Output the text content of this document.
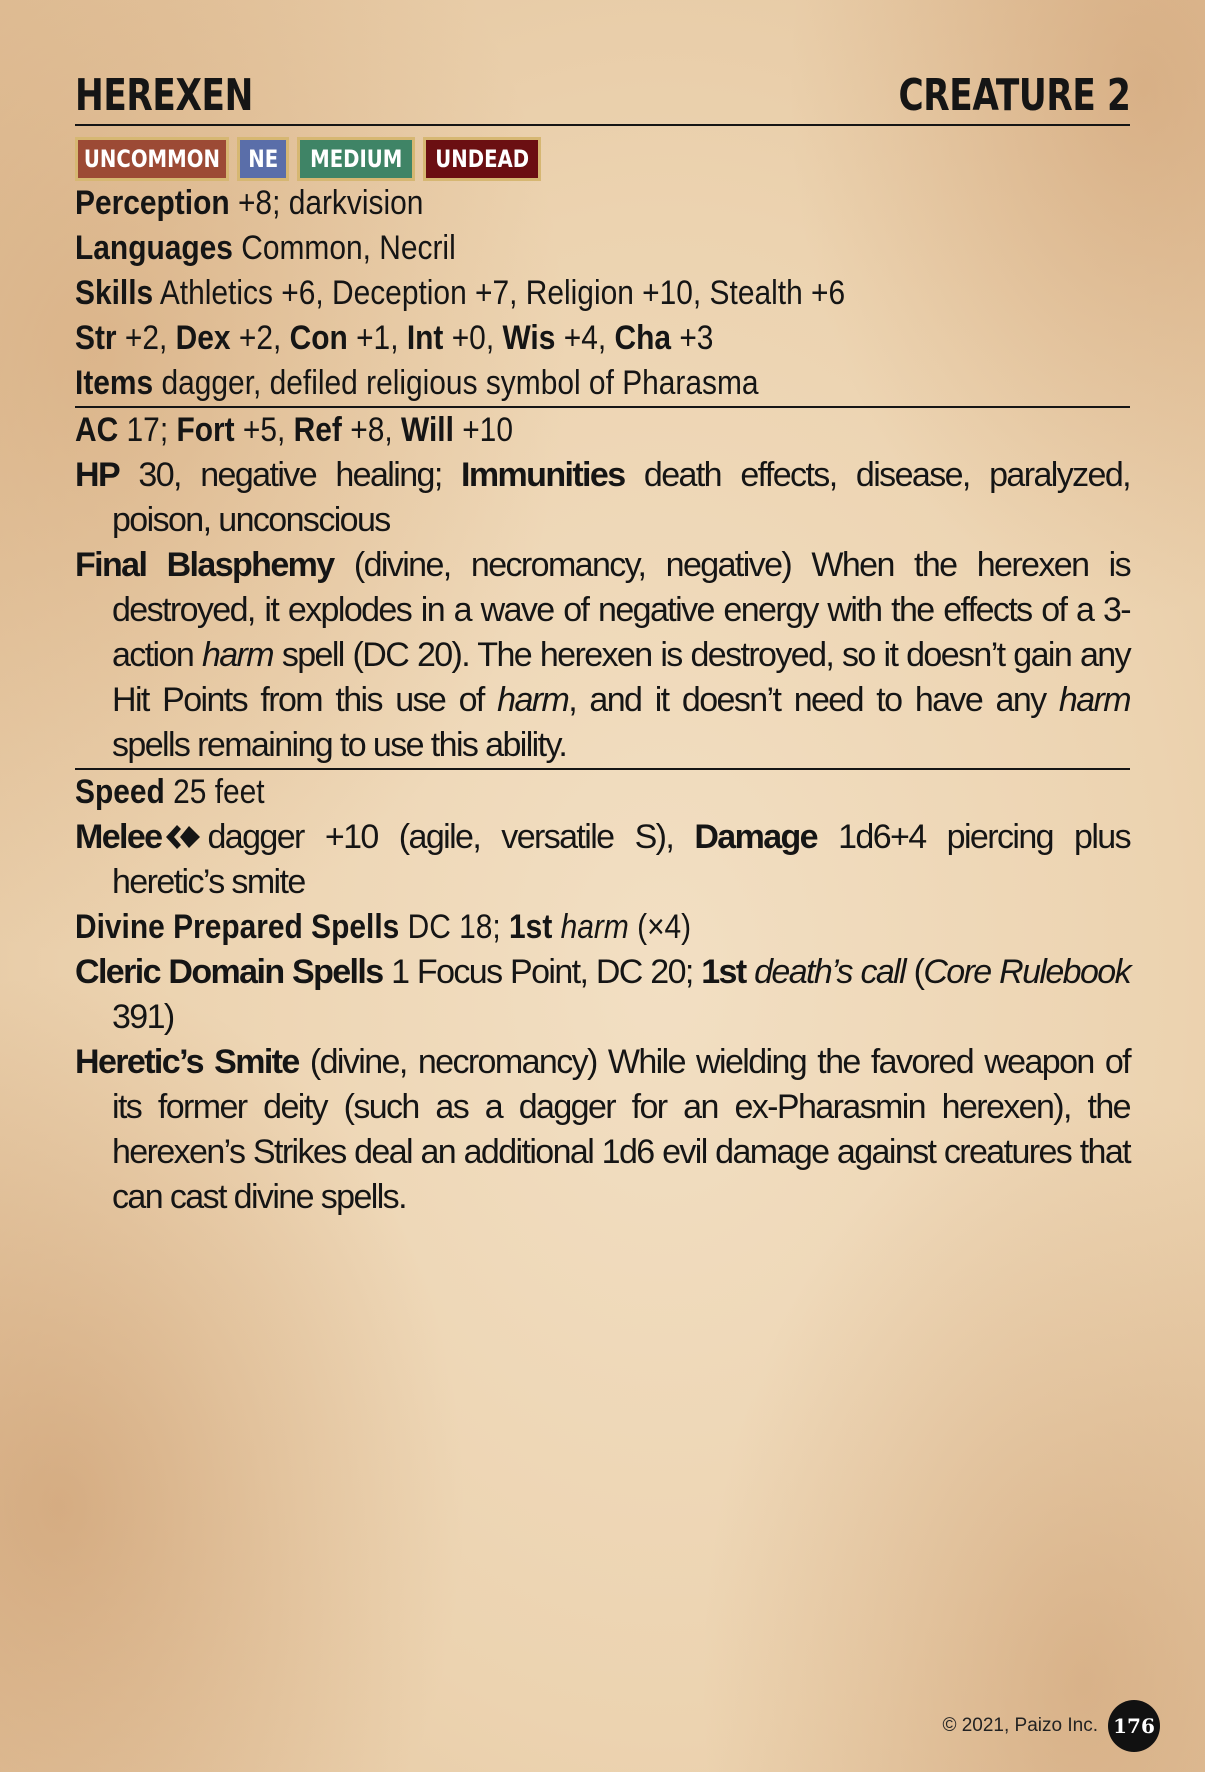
HEREXEN	CREATURE 2
UNCOMMON NE MEDIUM UNDEAD
Perception +8; darkvision
Languages Common, Necril
Skills Athletics +6, Deception +7, Religion +10, Stealth +6
Str +2, Dex +2, Con +1, Int +0, Wis +4, Cha +3
Items dagger, defiled religious symbol of Pharasma
AC 17; Fort +5, Ref +8, Will +10
HP 30, negative healing; Immunities death effects, disease, paralyzed, poison, unconscious
Final Blasphemy (divine, necromancy, negative) When the herexen is destroyed, it explodes in a wave of negative energy with the effects of a 3-action harm spell (DC 20). The herexen is destroyed, so it doesn’t gain any Hit Points from this use of harm, and it doesn’t need to have any harm spells remaining to use this ability.
Speed 25 feet
Melee dagger +10 (agile, versatile S), Damage 1d6+4 piercing plus heretic’s smite
Divine Prepared Spells DC 18; 1st harm (×4)
Cleric Domain Spells 1 Focus Point, DC 20; 1st death’s call (Core Rulebook 391)
Heretic’s Smite (divine, necromancy) While wielding the favored weapon of its former deity (such as a dagger for an ex-Pharasmin herexen), the herexen’s Strikes deal an additional 1d6 evil damage against creatures that can cast divine spells.
© 2021, Paizo Inc. 176
